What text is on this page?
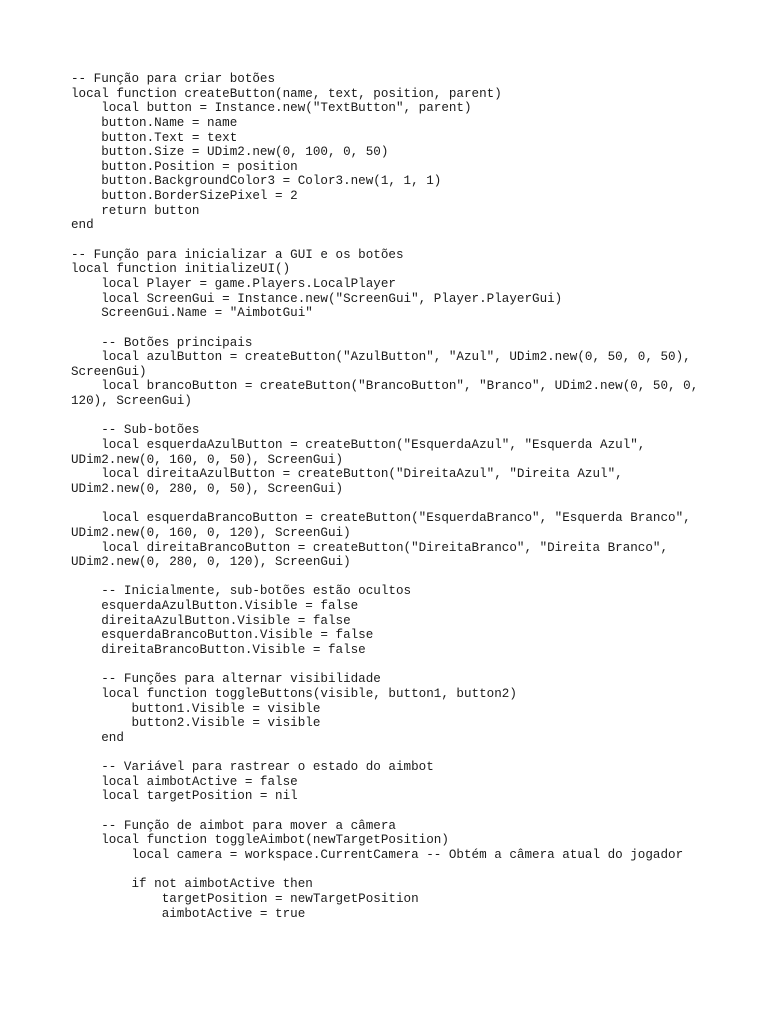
-- Função para criar botões
local function createButton(name, text, position, parent)
local button = Instance.new("TextButton", parent)
button.Name = name
button.Text = text
button.Size = UDim2.new(0, 100, 0, 50)
button.Position = position
button.BackgroundColor3 = Color3.new(1, 1, 1)
button.BorderSizePixel = 2
return button
end
-- Função para inicializar a GUI e os botões
local function initializeUI()
local Player = game.Players.LocalPlayer
local ScreenGui = Instance.new("ScreenGui", Player.PlayerGui)
ScreenGui.Name = "AimbotGui"
-- Botões principais
local azulButton = createButton("AzulButton", "Azul", UDim2.new(0, 50, 0, 50),
ScreenGui)
local brancoButton = createButton("BrancoButton", "Branco", UDim2.new(0, 50, 0,
120), ScreenGui)
-- Sub-botões
local esquerdaAzulButton = createButton("EsquerdaAzul", "Esquerda Azul",
UDim2.new(0, 160, 0, 50), ScreenGui)
local direitaAzulButton = createButton("DireitaAzul", "Direita Azul",
UDim2.new(0, 280, 0, 50), ScreenGui)
local esquerdaBrancoButton = createButton("EsquerdaBranco", "Esquerda Branco",
UDim2.new(0, 160, 0, 120), ScreenGui)
local direitaBrancoButton = createButton("DireitaBranco", "Direita Branco",
UDim2.new(0, 280, 0, 120), ScreenGui)
-- Inicialmente, sub-botões estão ocultos
esquerdaAzulButton.Visible = false
direitaAzulButton.Visible = false
esquerdaBrancoButton.Visible = false
direitaBrancoButton.Visible = false
-- Funções para alternar visibilidade
local function toggleButtons(visible, button1, button2)
button1.Visible = visible
button2.Visible = visible
end
-- Variável para rastrear o estado do aimbot
local aimbotActive = false
local targetPosition = nil
-- Função de aimbot para mover a câmera
local function toggleAimbot(newTargetPosition)
local camera = workspace.CurrentCamera -- Obtém a câmera atual do jogador
if not aimbotActive then
targetPosition = newTargetPosition
aimbotActive = true
